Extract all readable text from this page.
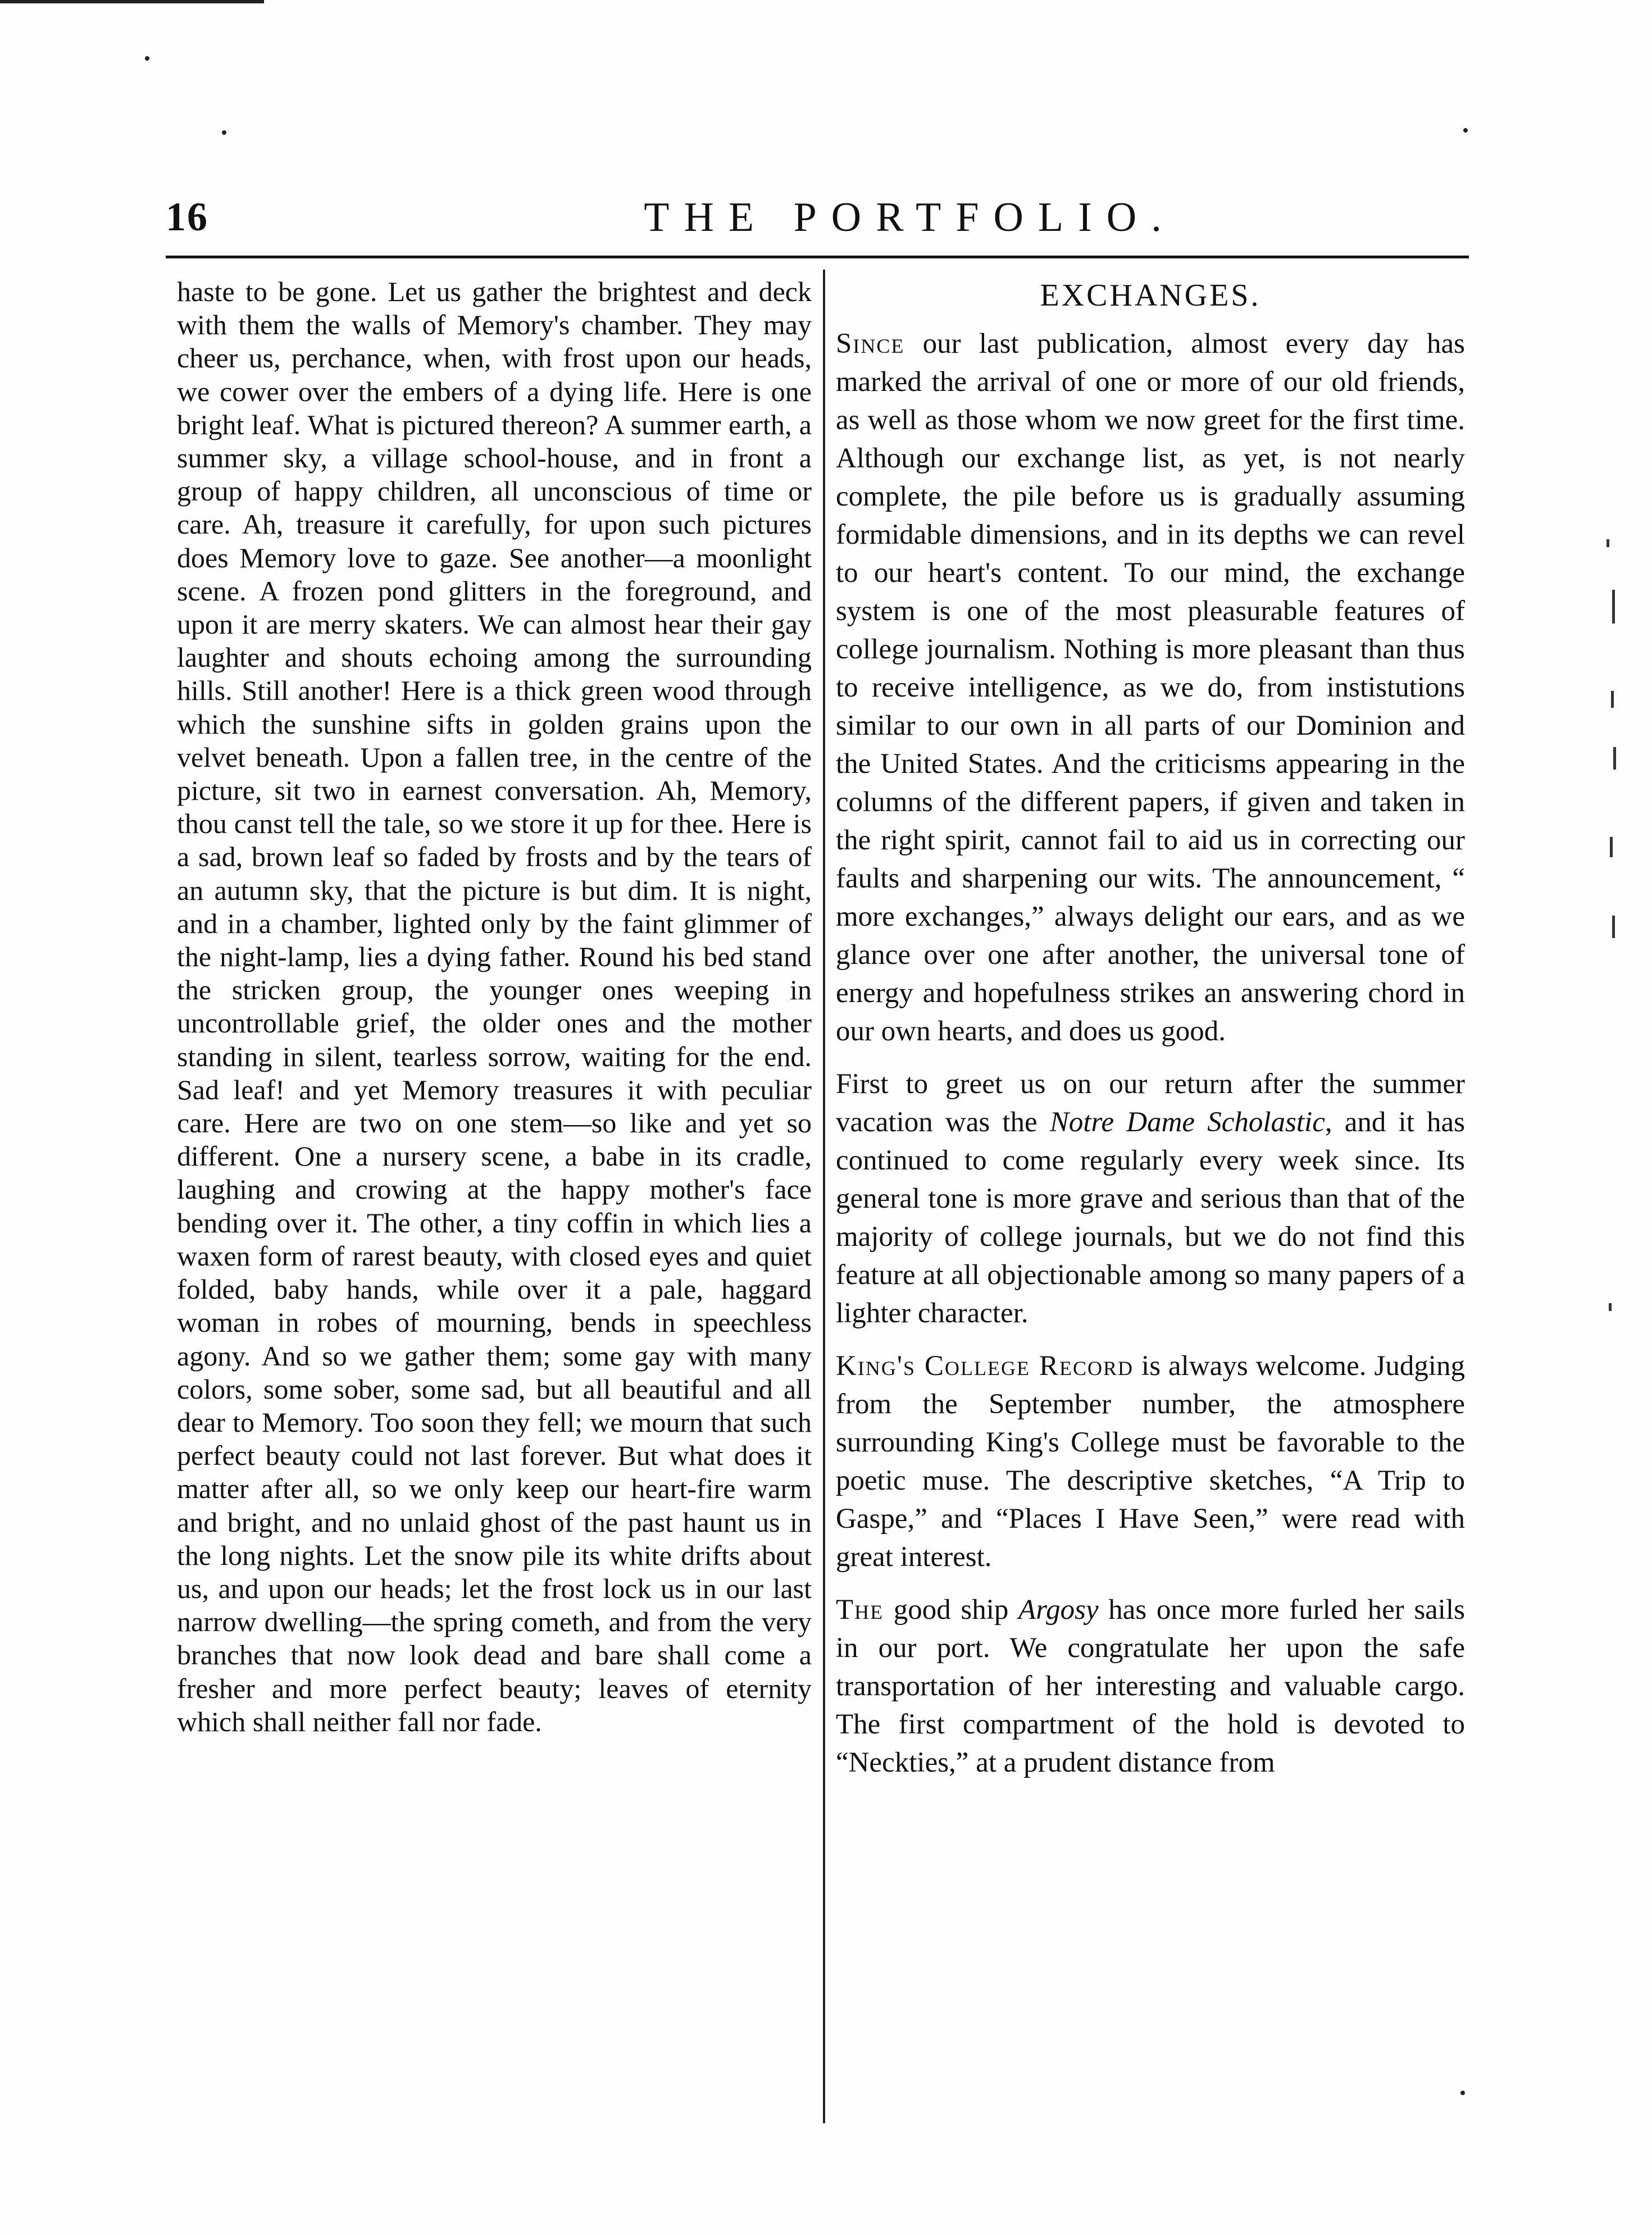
16	THE PORTFOLIO.

haste to be gone. Let us gather the brightest and deck with them the walls of Memory's chamber. They may cheer us, perchance, when, with frost upon our heads, we cower over the embers of a dying life. Here is one bright leaf. What is pictured thereon? A summer earth, a summer sky, a village school-house, and in front a group of happy children, all unconscious of time or care. Ah, treasure it carefully, for upon such pictures does Memory love to gaze. See another—a moonlight scene. A frozen pond glitters in the foreground, and upon it are merry skaters. We can almost hear their gay laughter and shouts echoing among the surrounding hills. Still another! Here is a thick green wood through which the sunshine sifts in golden grains upon the velvet beneath. Upon a fallen tree, in the centre of the picture, sit two in earnest conversation. Ah, Memory, thou canst tell the tale, so we store it up for thee. Here is a sad, brown leaf so faded by frosts and by the tears of an autumn sky, that the picture is but dim. It is night, and in a chamber, lighted only by the faint glimmer of the night-lamp, lies a dying father. Round his bed stand the stricken group, the younger ones weeping in uncontrollable grief, the older ones and the mother standing in silent, tearless sorrow, waiting for the end. Sad leaf! and yet Memory treasures it with peculiar care. Here are two on one stem—so like and yet so different. One a nursery scene, a babe in its cradle, laughing and crowing at the happy mother's face bending over it. The other, a tiny coffin in which lies a waxen form of rarest beauty, with closed eyes and quiet folded, baby hands, while over it a pale, haggard woman in robes of mourning, bends in speechless agony. And so we gather them; some gay with many colors, some sober, some sad, but all beautiful and all dear to Memory. Too soon they fell; we mourn that such perfect beauty could not last forever. But what does it matter after all, so we only keep our heart-fire warm and bright, and no unlaid ghost of the past haunt us in the long nights. Let the snow pile its white drifts about us, and upon our heads; let the frost lock us in our last narrow dwelling—the spring cometh, and from the very branches that now look dead and bare shall come a fresher and more perfect beauty; leaves of eternity which shall neither fall nor fade.

EXCHANGES.

Since our last publication, almost every day has marked the arrival of one or more of our old friends, as well as those whom we now greet for the first time. Although our exchange list, as yet, is not nearly complete, the pile before us is gradually assuming formidable dimensions, and in its depths we can revel to our heart's content. To our mind, the exchange system is one of the most pleasurable features of college journalism. Nothing is more pleasant than thus to receive intelligence, as we do, from instistutions similar to our own in all parts of our Dominion and the United States. And the criticisms appearing in the columns of the different papers, if given and taken in the right spirit, cannot fail to aid us in correcting our faults and sharpening our wits. The announcement, “ more exchanges,” always delight our ears, and as we glance over one after another, the universal tone of energy and hopefulness strikes an answering chord in our own hearts, and does us good.

First to greet us on our return after the summer vacation was the Notre Dame Scholastic, and it has continued to come regularly every week since. Its general tone is more grave and serious than that of the majority of college journals, but we do not find this feature at all objectionable among so many papers of a lighter character.

King's College Record is always welcome. Judging from the September number, the atmosphere surrounding King's College must be favorable to the poetic muse. The descriptive sketches, “A Trip to Gaspe,” and “Places I Have Seen,” were read with great interest.

The good ship Argosy has once more furled her sails in our port. We congratulate her upon the safe transportation of her interesting and valuable cargo. The first compartment of the hold is devoted to “Neckties,” at a prudent distance from
